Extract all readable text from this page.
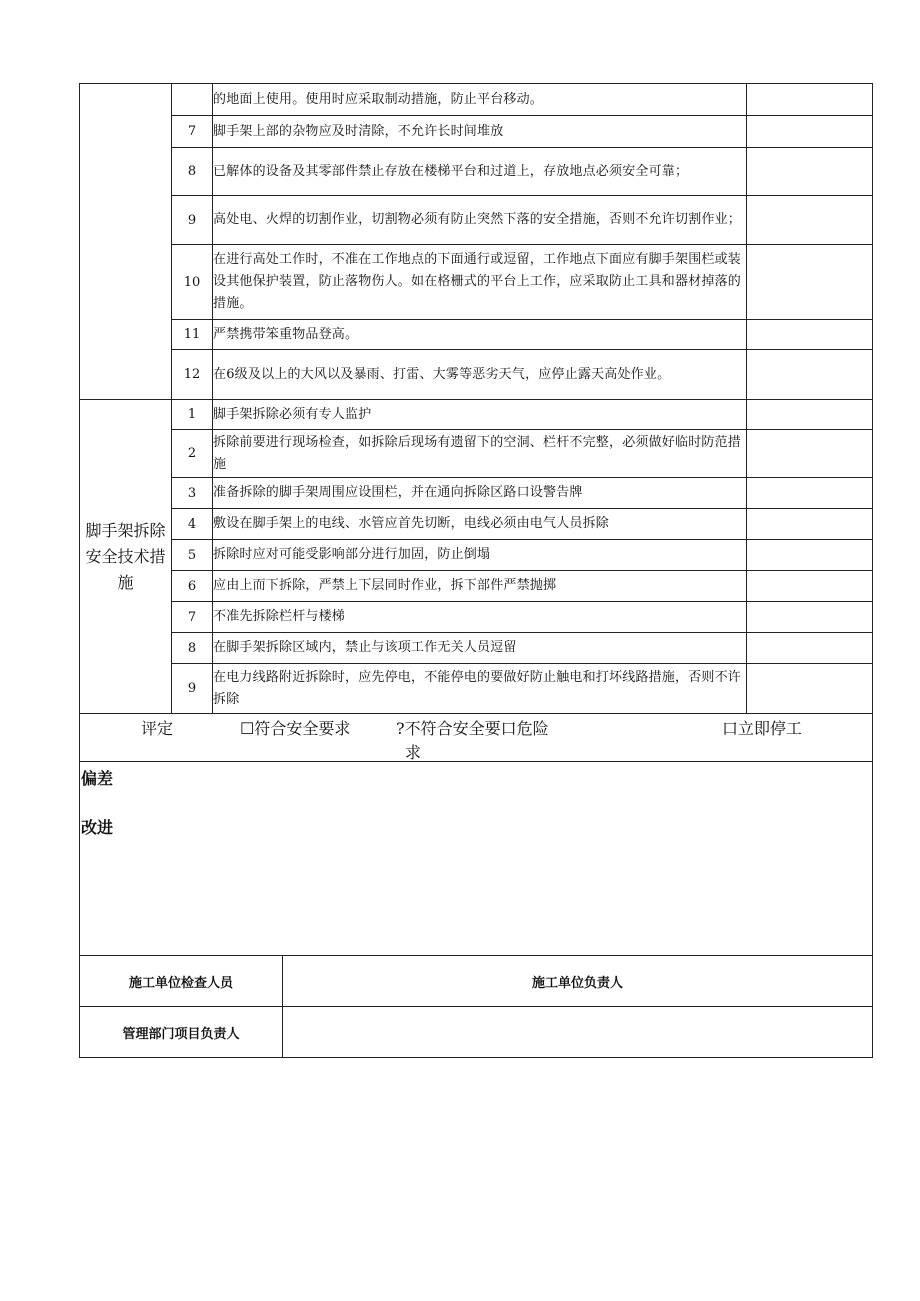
		的地面上使用。使用时应采取制动措施，防止平台移动。	
	7	脚手架上部的杂物应及时清除，不允许长时间堆放	
	8	已解体的设备及其零部件禁止存放在楼梯平台和过道上，存放地点必须安全可靠；	
	9	高处电、火焊的切割作业，切割物必须有防止突然下落的安全措施，否则不允许切割作业；	
	10	在进行高处工作时，不准在工作地点的下面通行或逗留，工作地点下面应有脚手架围栏或装设其他保护装置，防止落物伤人。如在格栅式的平台上工作，应采取防止工具和器材掉落的措施。	
	11	严禁携带笨重物品登高。	
	12	在6级及以上的大风以及暴雨、打雷、大雾等恶劣天气，应停止露天高处作业。	
脚手架拆除安全技术措施	1	脚手架拆除必须有专人监护	
	2	拆除前要进行现场检查，如拆除后现场有遗留下的空洞、栏杆不完整，必须做好临时防范措施	
	3	准备拆除的脚手架周围应设围栏，并在通向拆除区路口设警告牌	
	4	敷设在脚手架上的电线、水管应首先切断，电线必须由电气人员拆除	
	5	拆除时应对可能受影响部分进行加固，防止倒塌	
	6	应由上而下拆除，严禁上下层同时作业，拆下部件严禁抛掷	
	7	不准先拆除栏杆与楼梯	
	8	在脚手架拆除区域内，禁止与该项工作无关人员逗留	
	9	在电力线路附近拆除时，应先停电，不能停电的要做好防止触电和打坏线路措施，否则不许拆除	

评定 ☐符合安全要求 ?不符合安全要口危险
求
口立即停工			

偏差
改进			
施工单位检查人员	施工单位负责人
管理部门项目负责人	
